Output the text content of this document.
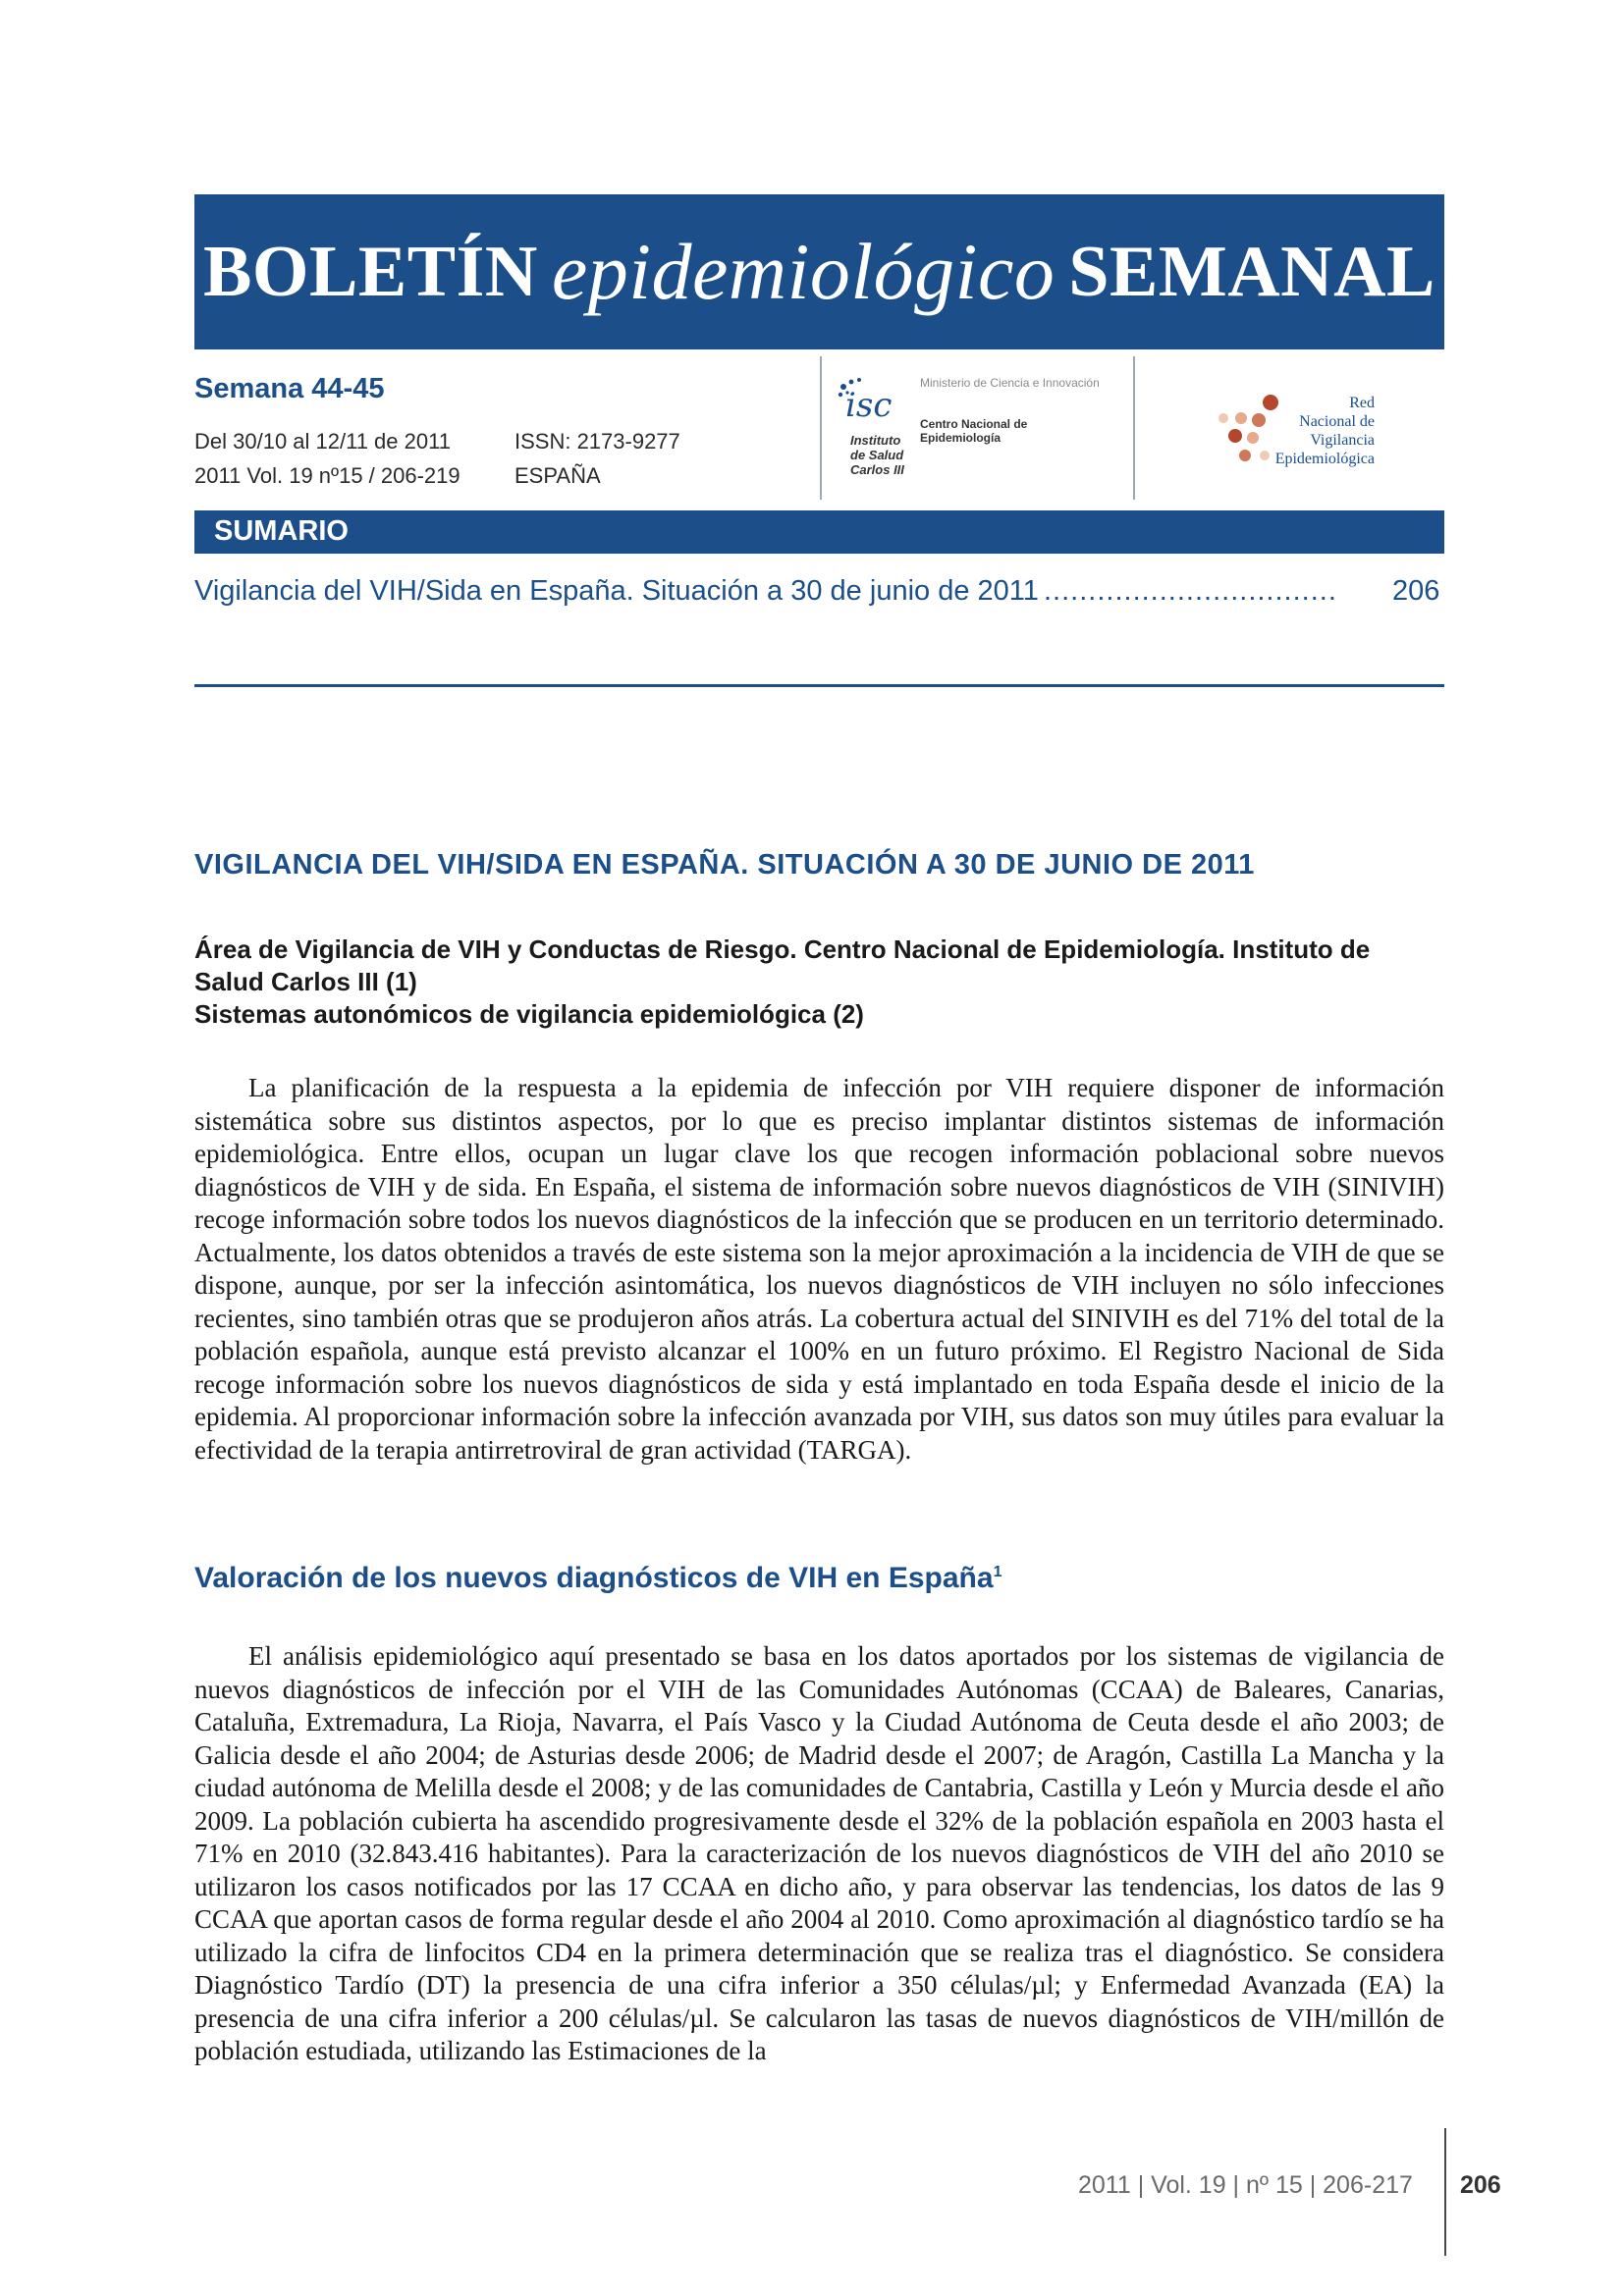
BOLETÍN epidemiológico SEMANAL
Semana 44-45
Del 30/10 al 12/11 de 2011
2011 Vol. 19 nº15 / 206-219
ISSN: 2173-9277
ESPAÑA
isc
Ministerio de Ciencia e Innovación
Centro Nacional de Epidemiología
Instituto
de Salud
Carlos III
Red
Nacional de
Vigilancia
Epidemiológica
SUMARIO
Vigilancia del VIH/Sida en España. Situación a 30 de junio de 2011 ................................. 206
VIGILANCIA DEL VIH/SIDA EN ESPAÑA. SITUACIÓN A 30 DE JUNIO DE 2011
Área de Vigilancia de VIH y Conductas de Riesgo. Centro Nacional de Epidemiología. Instituto de Salud Carlos III (1)
Sistemas autonómicos de vigilancia epidemiológica (2)

La planificación de la respuesta a la epidemia de infección por VIH requiere disponer de información sistemática sobre sus distintos aspectos, por lo que es preciso implantar distintos sistemas de información epidemiológica. Entre ellos, ocupan un lugar clave los que recogen información poblacional sobre nuevos diagnósticos de VIH y de sida. En España, el sistema de información sobre nuevos diagnósticos de VIH (SINIVIH) recoge información sobre todos los nuevos diagnósticos de la infección que se producen en un territorio determinado. Actualmente, los datos obtenidos a través de este sistema son la mejor aproximación a la incidencia de VIH de que se dispone, aunque, por ser la infección asintomática, los nuevos diagnósticos de VIH incluyen no sólo infecciones recientes, sino también otras que se produjeron años atrás. La cobertura actual del SINIVIH es del 71% del total de la población española, aunque está previsto alcanzar el 100% en un futuro próximo. El Registro Nacional de Sida recoge información sobre los nuevos diagnósticos de sida y está implantado en toda España desde el inicio de la epidemia. Al proporcionar información sobre la infección avanzada por VIH, sus datos son muy útiles para evaluar la efectividad de la terapia antirretroviral de gran actividad (TARGA).

Valoración de los nuevos diagnósticos de VIH en España$^1$

El análisis epidemiológico aquí presentado se basa en los datos aportados por los sistemas de vigilancia de nuevos diagnósticos de infección por el VIH de las Comunidades Autónomas (CCAA) de Baleares, Canarias, Cataluña, Extremadura, La Rioja, Navarra, el País Vasco y la Ciudad Autónoma de Ceuta desde el año 2003; de Galicia desde el año 2004; de Asturias desde 2006; de Madrid desde el 2007; de Aragón, Castilla La Mancha y la ciudad autónoma de Melilla desde el 2008; y de las comunidades de Cantabria, Castilla y León y Murcia desde el año 2009. La población cubierta ha ascendido progresivamente desde el 32% de la población española en 2003 hasta el 71% en 2010 (32.843.416 habitantes). Para la caracterización de los nuevos diagnósticos de VIH del año 2010 se utilizaron los casos notificados por las 17 CCAA en dicho año, y para observar las tendencias, los datos de las 9 CCAA que aportan casos de forma regular desde el año 2004 al 2010. Como aproximación al diagnóstico tardío se ha utilizado la cifra de linfocitos CD4 en la primera determinación que se realiza tras el diagnóstico. Se considera Diagnóstico Tardío (DT) la presencia de una cifra inferior a 350 células/µl; y Enfermedad Avanzada (EA) la presencia de una cifra inferior a 200 células/µl. Se calcularon las tasas de nuevos diagnósticos de VIH/millón de población estudiada, utilizando las Estimaciones de la

2011 | Vol. 19 | nº 15 | 206-217 206
